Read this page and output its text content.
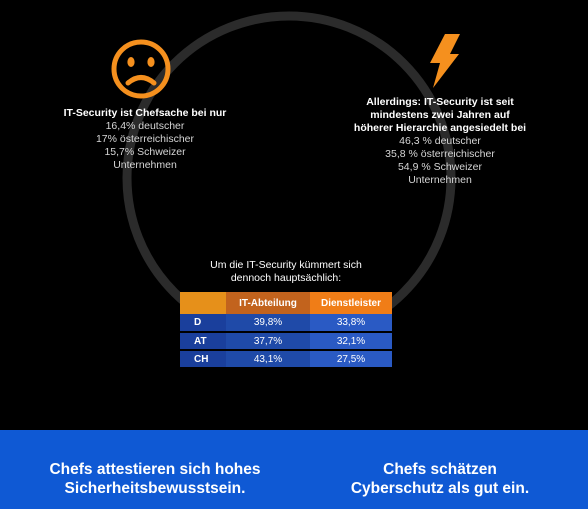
IT-Security ist Chefsache bei nur
16,4% deutscher
17% österreichischer
15,7% Schweizer
Unternehmen
Allerdings: IT-Security ist seit
mindestens zwei Jahren auf
höherer Hierarchie angesiedelt bei
46,3 % deutscher
35,8 % österreichischer
54,9 % Schweizer
Unternehmen
Um die IT-Security kümmert sich
dennoch hauptsächlich:
	IT-Abteilung	Dienstleister
D	39,8%	33,8%
AT	37,7%	32,1%
CH	43,1%	27,5%
Chefs attestieren sich hohes
Sicherheitsbewusstsein.
Chefs schätzen
Cyberschutz als gut ein.
